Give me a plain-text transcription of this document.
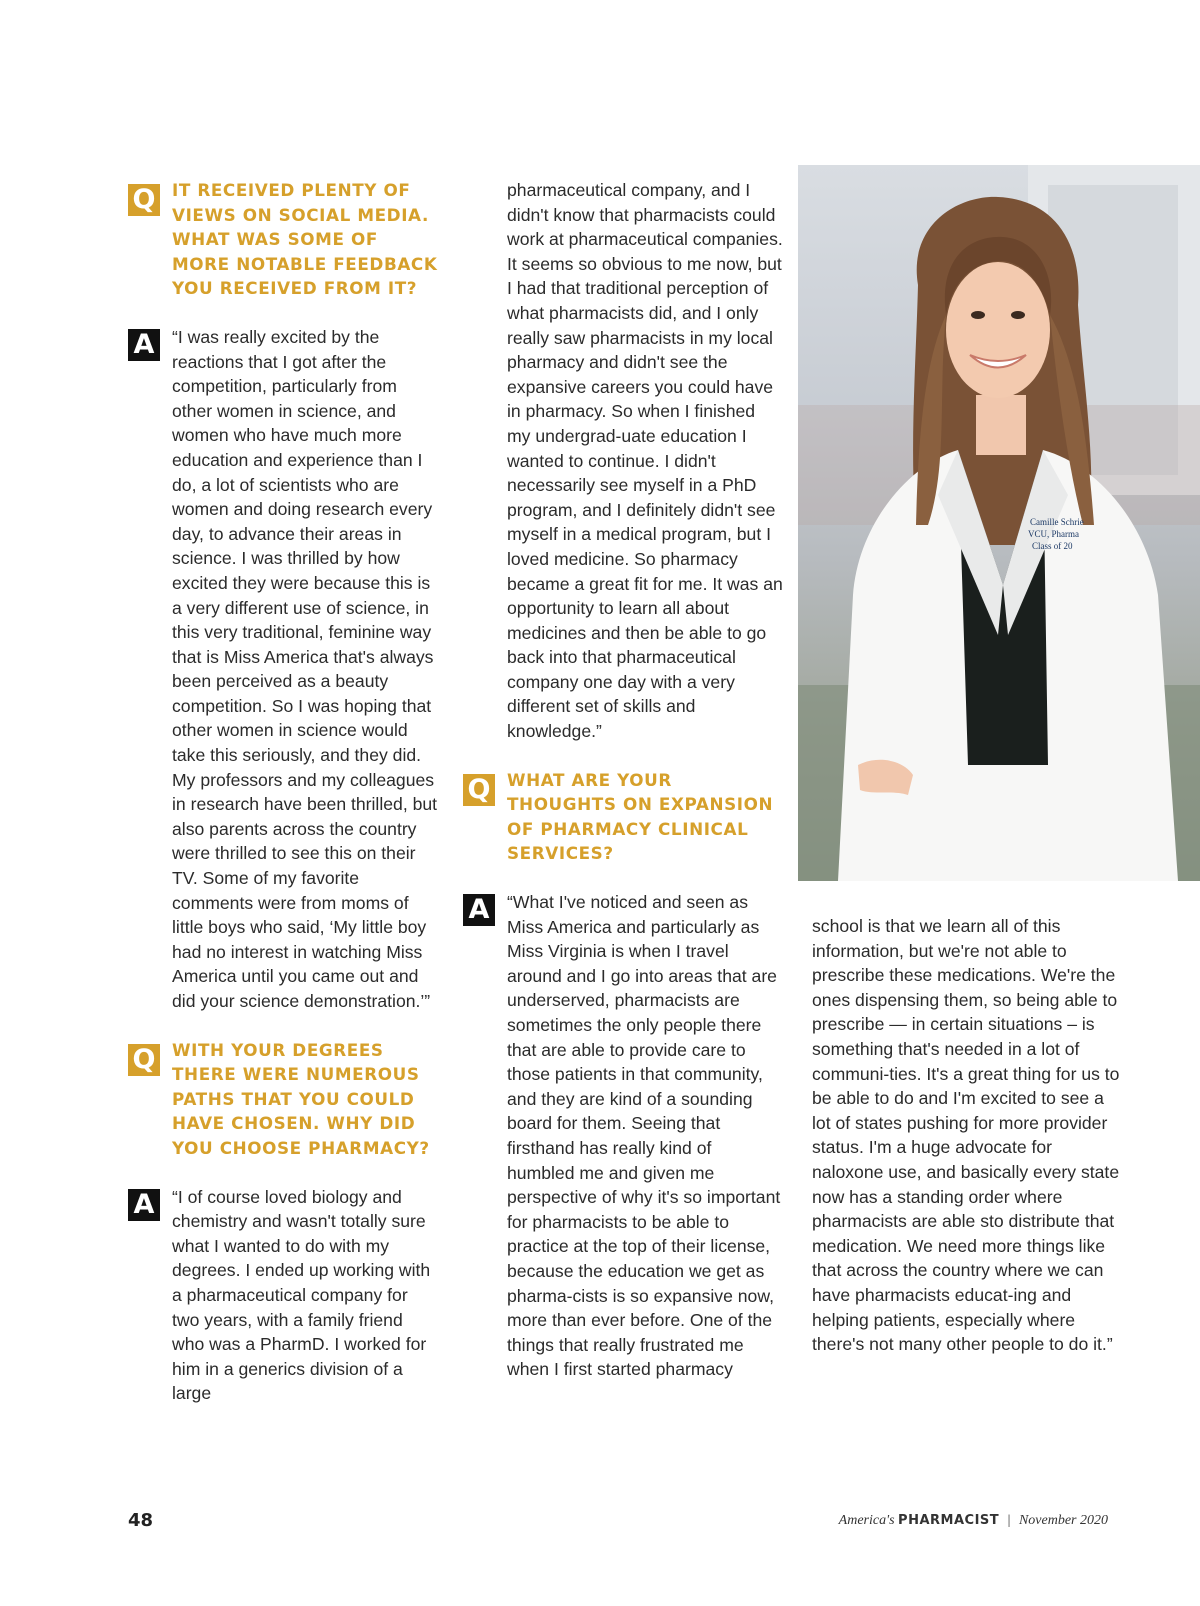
Q IT RECEIVED PLENTY OF VIEWS ON SOCIAL MEDIA. WHAT WAS SOME OF MORE NOTABLE FEEDBACK YOU RECEIVED FROM IT?

A “I was really excited by the reactions that I got after the competition, particularly from other women in science, and women who have much more education and experience than I do, a lot of scientists who are women and doing research every day, to advance their areas in science. I was thrilled by how excited they were because this is a very different use of science, in this very traditional, feminine way that is Miss America that's always been perceived as a beauty competition. So I was hoping that other women in science would take this seriously, and they did. My professors and my colleagues in research have been thrilled, but also parents across the country were thrilled to see this on their TV. Some of my favorite comments were from moms of little boys who said, ‘My little boy had no interest in watching Miss America until you came out and did your science demonstration.’”

Q WITH YOUR DEGREES THERE WERE NUMEROUS PATHS THAT YOU COULD HAVE CHOSEN. WHY DID YOU CHOOSE PHARMACY?

A “I of course loved biology and chemistry and wasn't totally sure what I wanted to do with my degrees. I ended up working with a pharmaceutical company for two years, with a family friend who was a PharmD. I worked for him in a generics division of a large

pharmaceutical company, and I didn't know that pharmacists could work at pharmaceutical companies. It seems so obvious to me now, but I had that traditional perception of what pharmacists did, and I only really saw pharmacists in my local pharmacy and didn't see the expansive careers you could have in pharmacy. So when I finished my undergrad-uate education I wanted to continue. I didn't necessarily see myself in a PhD program, and I definitely didn't see myself in a medical program, but I loved medicine. So pharmacy became a great fit for me. It was an opportunity to learn all about medicines and then be able to go back into that pharmaceutical company one day with a very different set of skills and knowledge.”

Q WHAT ARE YOUR THOUGHTS ON EXPANSION OF PHARMACY CLINICAL SERVICES?

A “What I've noticed and seen as Miss America and particularly as Miss Virginia is when I travel around and I go into areas that are underserved, pharmacists are sometimes the only people there that are able to provide care to those patients in that community, and they are kind of a sounding board for them. Seeing that firsthand has really kind of humbled me and given me perspective of why it's so important for pharmacists to be able to practice at the top of their license, because the education we get as pharma-cists is so expansive now, more than ever before. One of the things that really frustrated me when I first started pharmacy

Camille Schrie
VCU, Pharma
Class of 20

school is that we learn all of this information, but we're not able to prescribe these medications. We're the ones dispensing them, so being able to prescribe — in certain situations – is something that's needed in a lot of communi-ties. It's a great thing for us to be able to do and I'm excited to see a lot of states pushing for more provider status. I'm a huge advocate for naloxone use, and basically every state now has a standing order where pharmacists are able sto distribute that medication. We need more things like that across the country where we can have pharmacists educat-ing and helping patients, especially where there's not many other people to do it.”

48	America's PHARMACIST | November 2020
